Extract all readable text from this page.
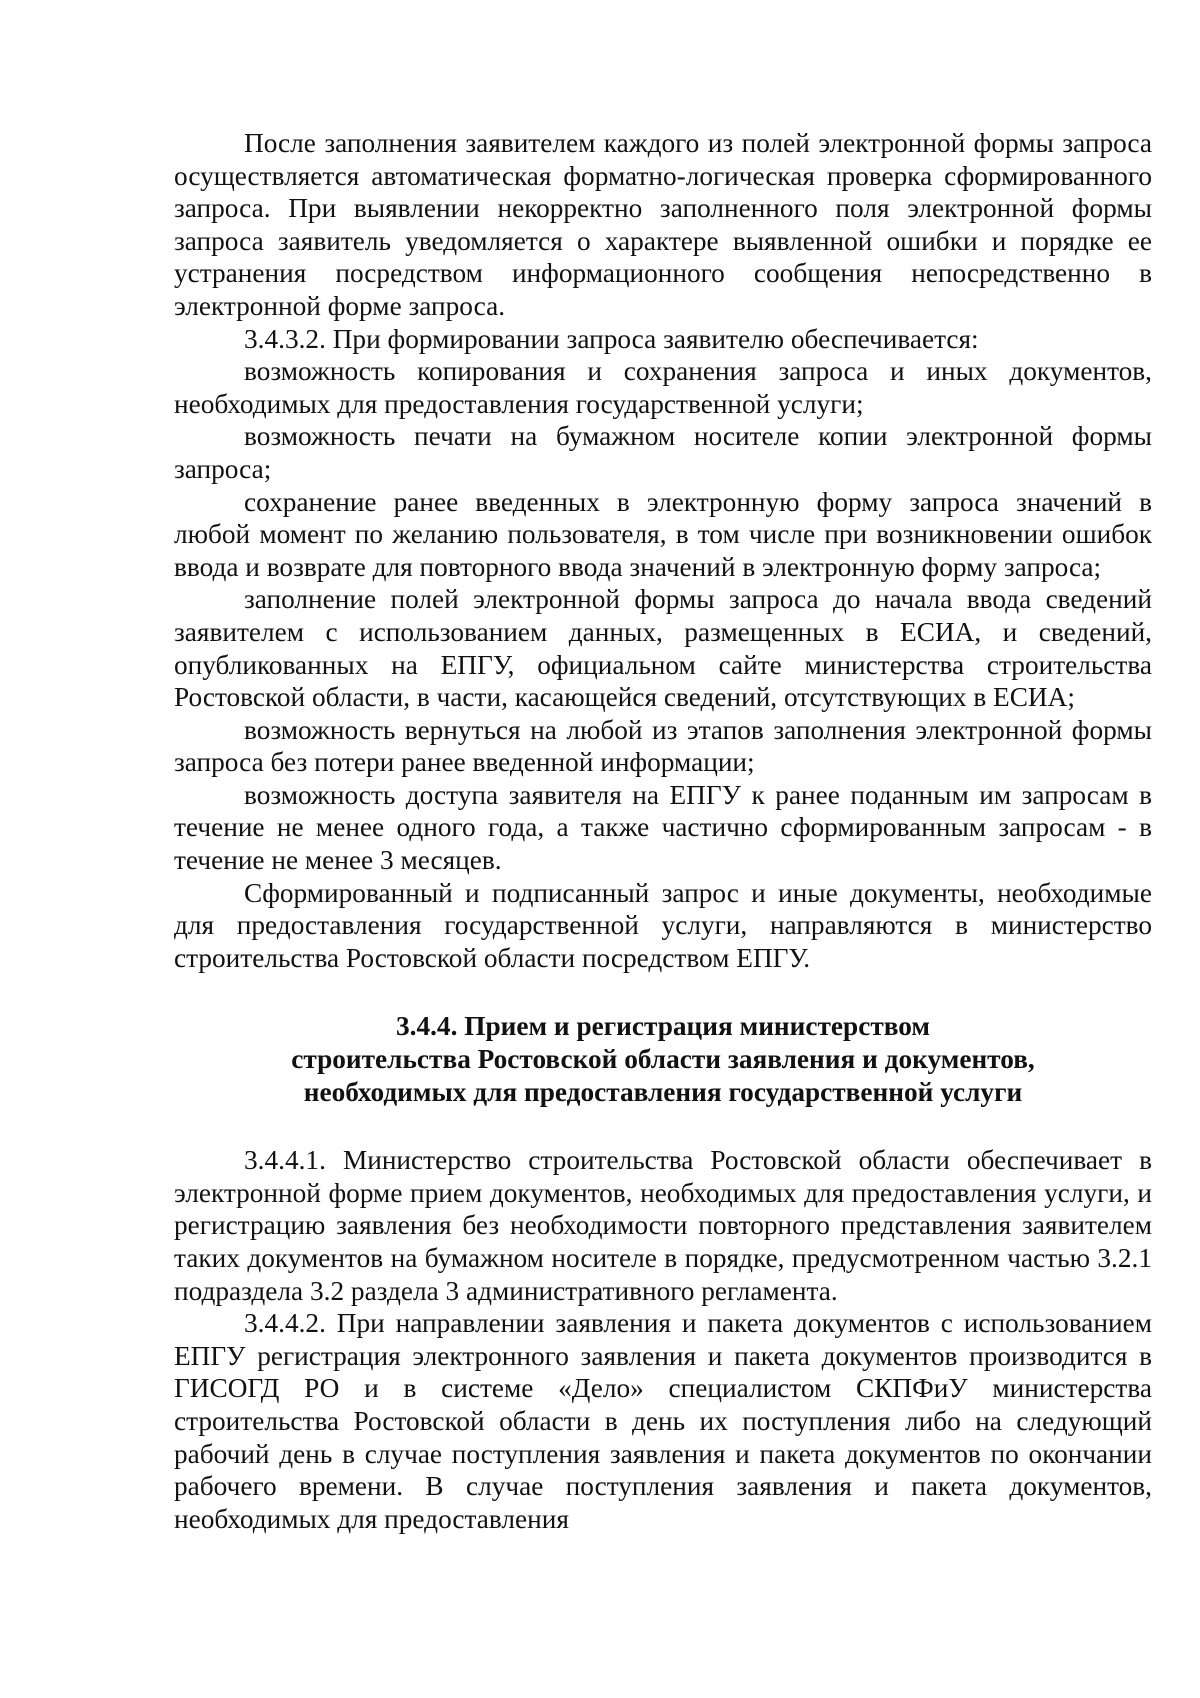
После заполнения заявителем каждого из полей электронной формы запроса осуществляется автоматическая форматно-логическая проверка сформированного запроса. При выявлении некорректно заполненного поля электронной формы запроса заявитель уведомляется о характере выявленной ошибки и порядке ее устранения посредством информационного сообщения непосредственно в электронной форме запроса.

3.4.3.2. При формировании запроса заявителю обеспечивается:

возможность копирования и сохранения запроса и иных документов, необходимых для предоставления государственной услуги;

возможность печати на бумажном носителе копии электронной формы запроса;

сохранение ранее введенных в электронную форму запроса значений в любой момент по желанию пользователя, в том числе при возникновении ошибок ввода и возврате для повторного ввода значений в электронную форму запроса;

заполнение полей электронной формы запроса до начала ввода сведений заявителем с использованием данных, размещенных в ЕСИА, и сведений, опубликованных на ЕПГУ, официальном сайте министерства строительства Ростовской области, в части, касающейся сведений, отсутствующих в ЕСИА;

возможность вернуться на любой из этапов заполнения электронной формы запроса без потери ранее введенной информации;

возможность доступа заявителя на ЕПГУ к ранее поданным им запросам в течение не менее одного года, а также частично сформированным запросам - в течение не менее 3 месяцев.

Сформированный и подписанный запрос и иные документы, необходимые для предоставления государственной услуги, направляются в министерство строительства Ростовской области посредством ЕПГУ.

3.4.4. Прием и регистрация министерством

строительства Ростовской области заявления и документов,

необходимых для предоставления государственной услуги

3.4.4.1. Министерство строительства Ростовской области обеспечивает в электронной форме прием документов, необходимых для предоставления услуги, и регистрацию заявления без необходимости повторного представления заявителем таких документов на бумажном носителе в порядке, предусмотренном частью 3.2.1 подраздела 3.2 раздела 3 административного регламента.

3.4.4.2. При направлении заявления и пакета документов с использованием ЕПГУ регистрация электронного заявления и пакета документов производится в ГИСОГД РО и в системе «Дело» специалистом СКПФиУ министерства строительства Ростовской области в день их поступления либо на следующий рабочий день в случае поступления заявления и пакета документов по окончании рабочего времени. В случае поступления заявления и пакета документов, необходимых для предоставления
